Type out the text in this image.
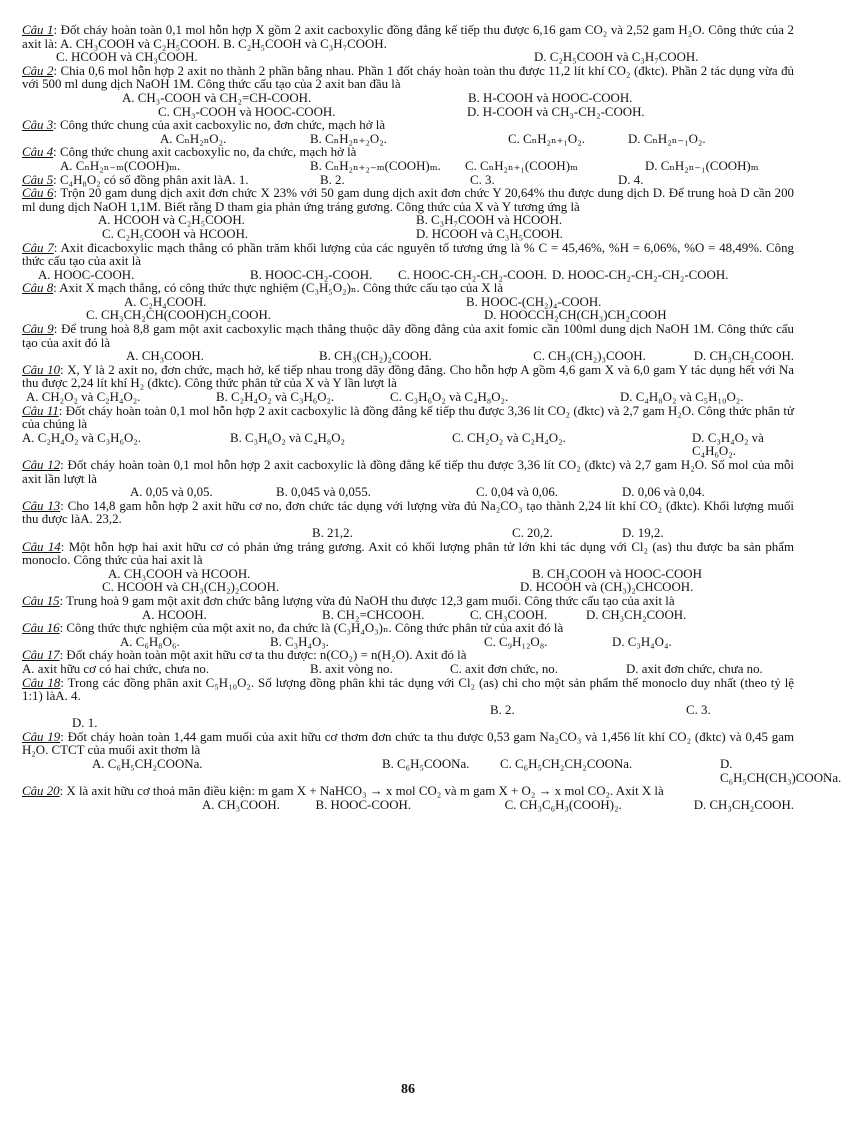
Câu 1: Đốt cháy hoàn toàn 0,1 mol hỗn hợp X gồm 2 axit cacboxylic đồng đẳng kế tiếp thu được 6,16 gam CO₂ và 2,52 gam H₂O. Công thức của 2 axit là: A. CH₃COOH và C₂H₅COOH. B. C₂H₅COOH và C₃H₇COOH.

C. HCOOH và CH₃COOH.	D. C₂H₅COOH và C₃H₇COOH.

Câu 2: Chia 0,6 mol hỗn hợp 2 axit no thành 2 phần bằng nhau. Phần 1 đốt cháy hoàn toàn thu được 11,2 lít khí CO₂ (đktc). Phần 2 tác dụng vừa đủ với 500 ml dung dịch NaOH 1M. Công thức cấu tạo của 2 axit ban đầu là

A. CH₃-COOH và CH₂=CH-COOH.	B. H-COOH và HOOC-COOH.
C. CH₃-COOH và HOOC-COOH.	D. H-COOH và CH₃-CH₂-COOH.

Câu 3: Công thức chung của axit cacboxylic no, đơn chức, mạch hở là

A. CₙH₂ₙO₂.	B. CₙH₂ₙ₊₂O₂.	C. CₙH₂ₙ₊₁O₂.	D. CₙH₂ₙ₋₁O₂.

Câu 4: Công thức chung axit cacboxylic no, đa chức, mạch hở là

A. CₙH₂ₙ₋ₘ(COOH)ₘ.	B. CₙH₂ₙ₊₂₋ₘ(COOH)ₘ.	C. CₙH₂ₙ₊₁(COOH)ₘ	D. CₙH₂ₙ₋₁(COOH)ₘ
Câu 5: C₄H₈O₂ có số đồng phân axit làA. 1.	B. 2.	C. 3.	D. 4.

Câu 6: Trộn 20 gam dung dịch axit đơn chức X 23% với 50 gam dung dịch axit đơn chức Y 20,64% thu được dung dịch D. Để trung hoà D cần 200 ml dung dịch NaOH 1,1M. Biết rằng D tham gia phản ứng tráng gương. Công thức của X và Y tương ứng là

A. HCOOH và C₂H₅COOH.	B. C₃H₇COOH và HCOOH.
C. C₂H₅COOH và HCOOH.	D. HCOOH và C₃H₅COOH.

Câu 7: Axit đicacboxylic mạch thẳng có phần trăm khối lượng của các nguyên tố tương ứng là % C = 45,46%, %H = 6,06%, %O = 48,49%. Công thức cấu tạo của axit là

A. HOOC-COOH.	B. HOOC-CH₂-COOH.	C. HOOC-CH₂-CH₂-COOH. D. HOOC-CH₂-CH₂-CH₂-COOH.

Câu 8: Axit X mạch thẳng, có công thức thực nghiệm (C₃H₅O₂)ₙ. Công thức cấu tạo của X là

A. C₂H₄COOH.	B. HOOC-(CH₂)₄-COOH.
C. CH₃CH₂CH(COOH)CH₂COOH.	D. HOOCCH₂CH(CH₃)CH₂COOH

Câu 9: Để trung hoà 8,8 gam một axit cacboxylic mạch thẳng thuộc dãy đồng đẳng của axit fomic cần 100ml dung dịch NaOH 1M. Công thức cấu tạo của axit đó là

A. CH₃COOH.	B. CH₃(CH₂)₂COOH.	C. CH₃(CH₂)₃COOH.	D. CH₃CH₂COOH.

Câu 10: X, Y là 2 axit no, đơn chức, mạch hở, kế tiếp nhau trong dãy đồng đẳng. Cho hỗn hợp A gồm 4,6 gam X và 6,0 gam Y tác dụng hết với Na thu được 2,24 lít khí H₂ (đktc). Công thức phân tử của X và Y lần lượt là

A. CH₂O₂ và C₂H₄O₂.	B. C₂H₄O₂ và C₃H₆O₂.	C. C₃H₆O₂ và C₄H₈O₂.	D. C₄H₈O₂ và C₅H₁₀O₂.

Câu 11: Đốt cháy hoàn toàn 0,1 mol hỗn hợp 2 axit cacboxylic là đồng đẳng kế tiếp thu được 3,36 lít CO₂ (đktc) và 2,7 gam H₂O. Công thức phân tử của chúng là

A. C₂H₄O₂ và C₃H₆O₂.	B. C₃H₆O₂ và C₄H₈O₂	C. CH₂O₂ và C₂H₄O₂.	D. C₃H₄O₂ và C₄H₆O₂.

Câu 12: Đốt cháy hoàn toàn 0,1 mol hỗn hợp 2 axit cacboxylic là đồng đẳng kế tiếp thu được 3,36 lít CO₂ (đktc) và 2,7 gam H₂O. Số mol của mỗi axit lần lượt là

A. 0,05 và 0,05.	B. 0,045 và 0,055.	C. 0,04 và 0,06.	D. 0,06 và 0,04.

Câu 13: Cho 14,8 gam hỗn hợp 2 axit hữu cơ no, đơn chức tác dụng với lượng vừa đủ Na₂CO₃ tạo thành 2,24 lít khí CO₂ (đktc). Khối lượng muối thu được làA. 23,2.

B. 21,2.	C. 20,2.	D. 19,2.

Câu 14: Một hỗn hợp hai axit hữu cơ có phản ứng tráng gương. Axit có khối lượng phân tử lớn khi tác dụng với Cl₂ (as) thu được ba sản phẩm monoclo. Công thức của hai axit là

A. CH₃COOH và HCOOH.	B. CH₃COOH và HOOC-COOH
C. HCOOH và CH₃(CH₂)₂COOH.	D. HCOOH và (CH₃)₂CHCOOH.

Câu 15: Trung hoà 9 gam một axit đơn chức bằng lượng vừa đủ NaOH thu được 12,3 gam muối. Công thức cấu tạo của axit là

A. HCOOH.	B. CH₂=CHCOOH.	C. CH₃COOH.	D. CH₃CH₂COOH.

Câu 16: Công thức thực nghiệm của một axit no, đa chức là (C₃H₄O₃)ₙ. Công thức phân tử của axit đó là

A. C₆H₈O₆.	B. C₃H₄O₃.	C. C₉H₁₂O₈.	D. C₃H₄O₄.

Câu 17: Đốt cháy hoàn toàn một axit hữu cơ ta thu được: n(CO₂) = n(H₂O). Axit đó là

A. axit hữu cơ có hai chức, chưa no.	B. axit vòng no.	C. axit đơn chức, no.	D. axit đơn chức, chưa no.

Câu 18: Trong các đồng phân axit C₅H₁₀O₂. Số lượng đồng phân khi tác dụng với Cl₂ (as) chỉ cho một sản phẩm thế monoclo duy nhất (theo tỷ lệ 1:1) làA. 4.

B. 2.	C. 3.
D. 1.

Câu 19: Đốt cháy hoàn toàn 1,44 gam muối của axit hữu cơ thơm đơn chức ta thu được 0,53 gam Na₂CO₃ và 1,456 lít khí CO₂ (đktc) và 0,45 gam H₂O. CTCT của muối axit thơm là

A. C₆H₅CH₂COONa.	B. C₆H₅COONa.	C. C₆H₅CH₂CH₂COONa.	D. C₆H₅CH(CH₃)COONa.

Câu 20: X là axit hữu cơ thoả mãn điều kiện: m gam X + NaHCO₃ → x mol CO₂ và m gam X + O₂ → x mol CO₂. Axit X là

A. CH₃COOH.	B. HOOC-COOH.	C. CH₃C₆H₃(COOH)₂.	D. CH₃CH₂COOH.
86
